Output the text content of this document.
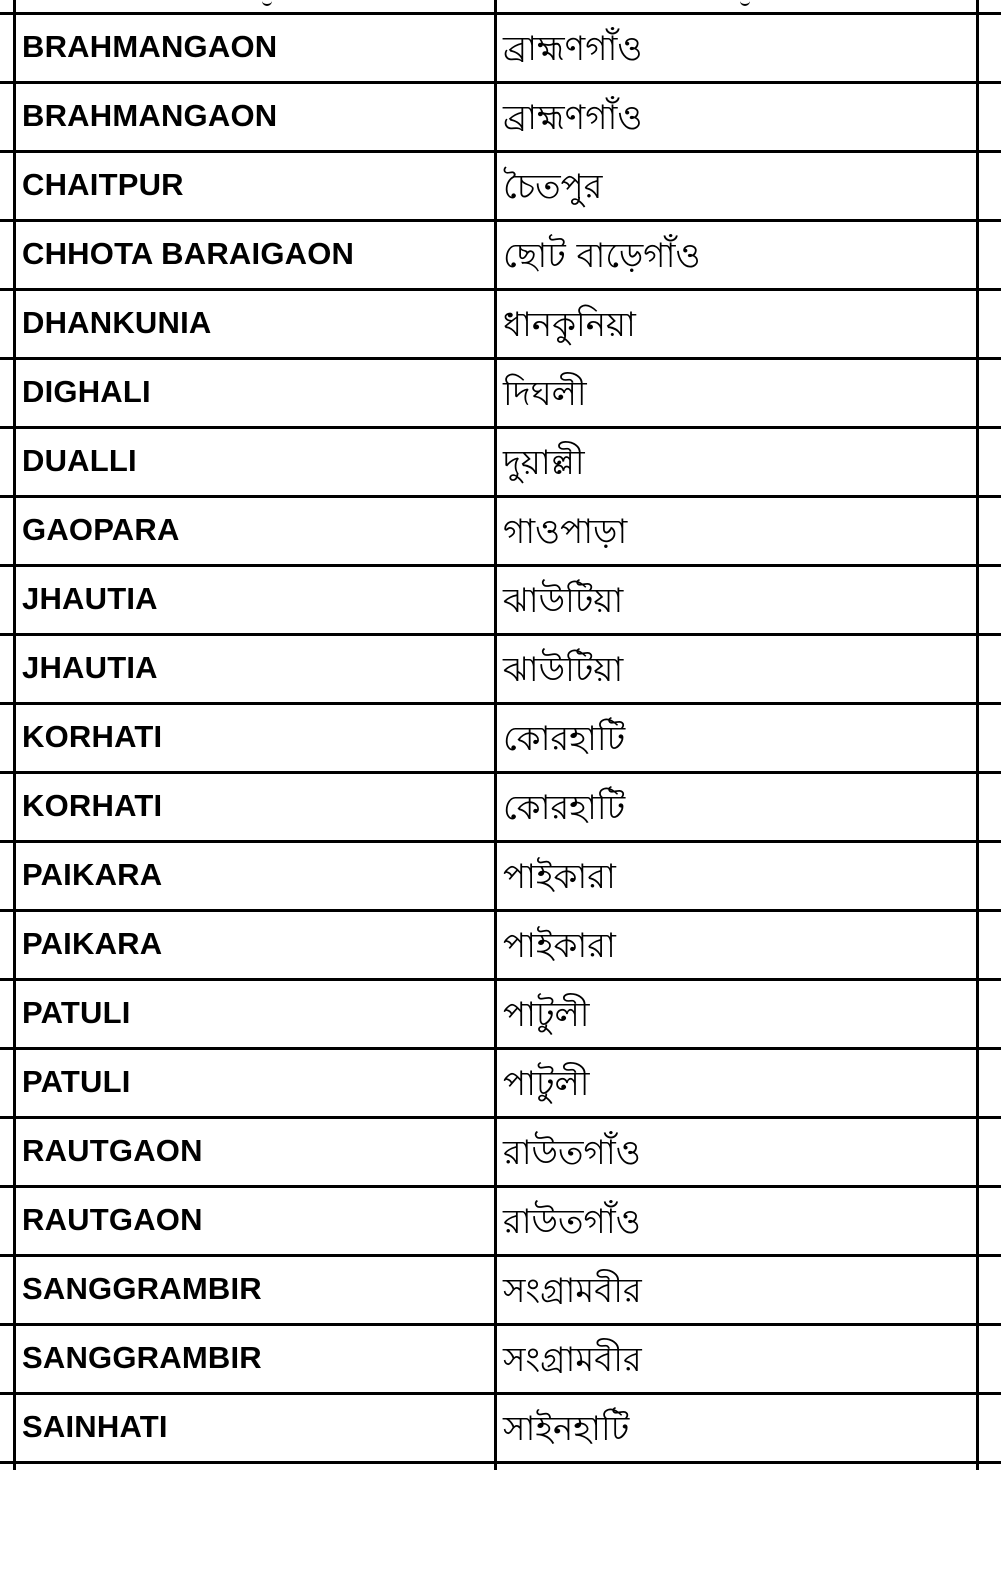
BRAHMANGAON	ব্রাহ্মণগাঁও
BRAHMANGAON	ব্রাহ্মণগাঁও
CHAITPUR	চৈতপুর
CHHOTA BARAIGAON	ছোট বাড়েগাঁও
DHANKUNIA	ধানকুনিয়া
DIGHALI	দিঘলী
DUALLI	দুয়াল্লী
GAOPARA	গাওপাড়া
JHAUTIA	ঝাউটিয়া
JHAUTIA	ঝাউটিয়া
KORHATI	কোরহাটি
KORHATI	কোরহাটি
PAIKARA	পাইকারা
PAIKARA	পাইকারা
PATULI	পাটুলী
PATULI	পাটুলী
RAUTGAON	রাউতগাঁও
RAUTGAON	রাউতগাঁও
SANGGRAMBIR	সংগ্রামবীর
SANGGRAMBIR	সংগ্রামবীর
SAINHATI	সাইনহাটি
